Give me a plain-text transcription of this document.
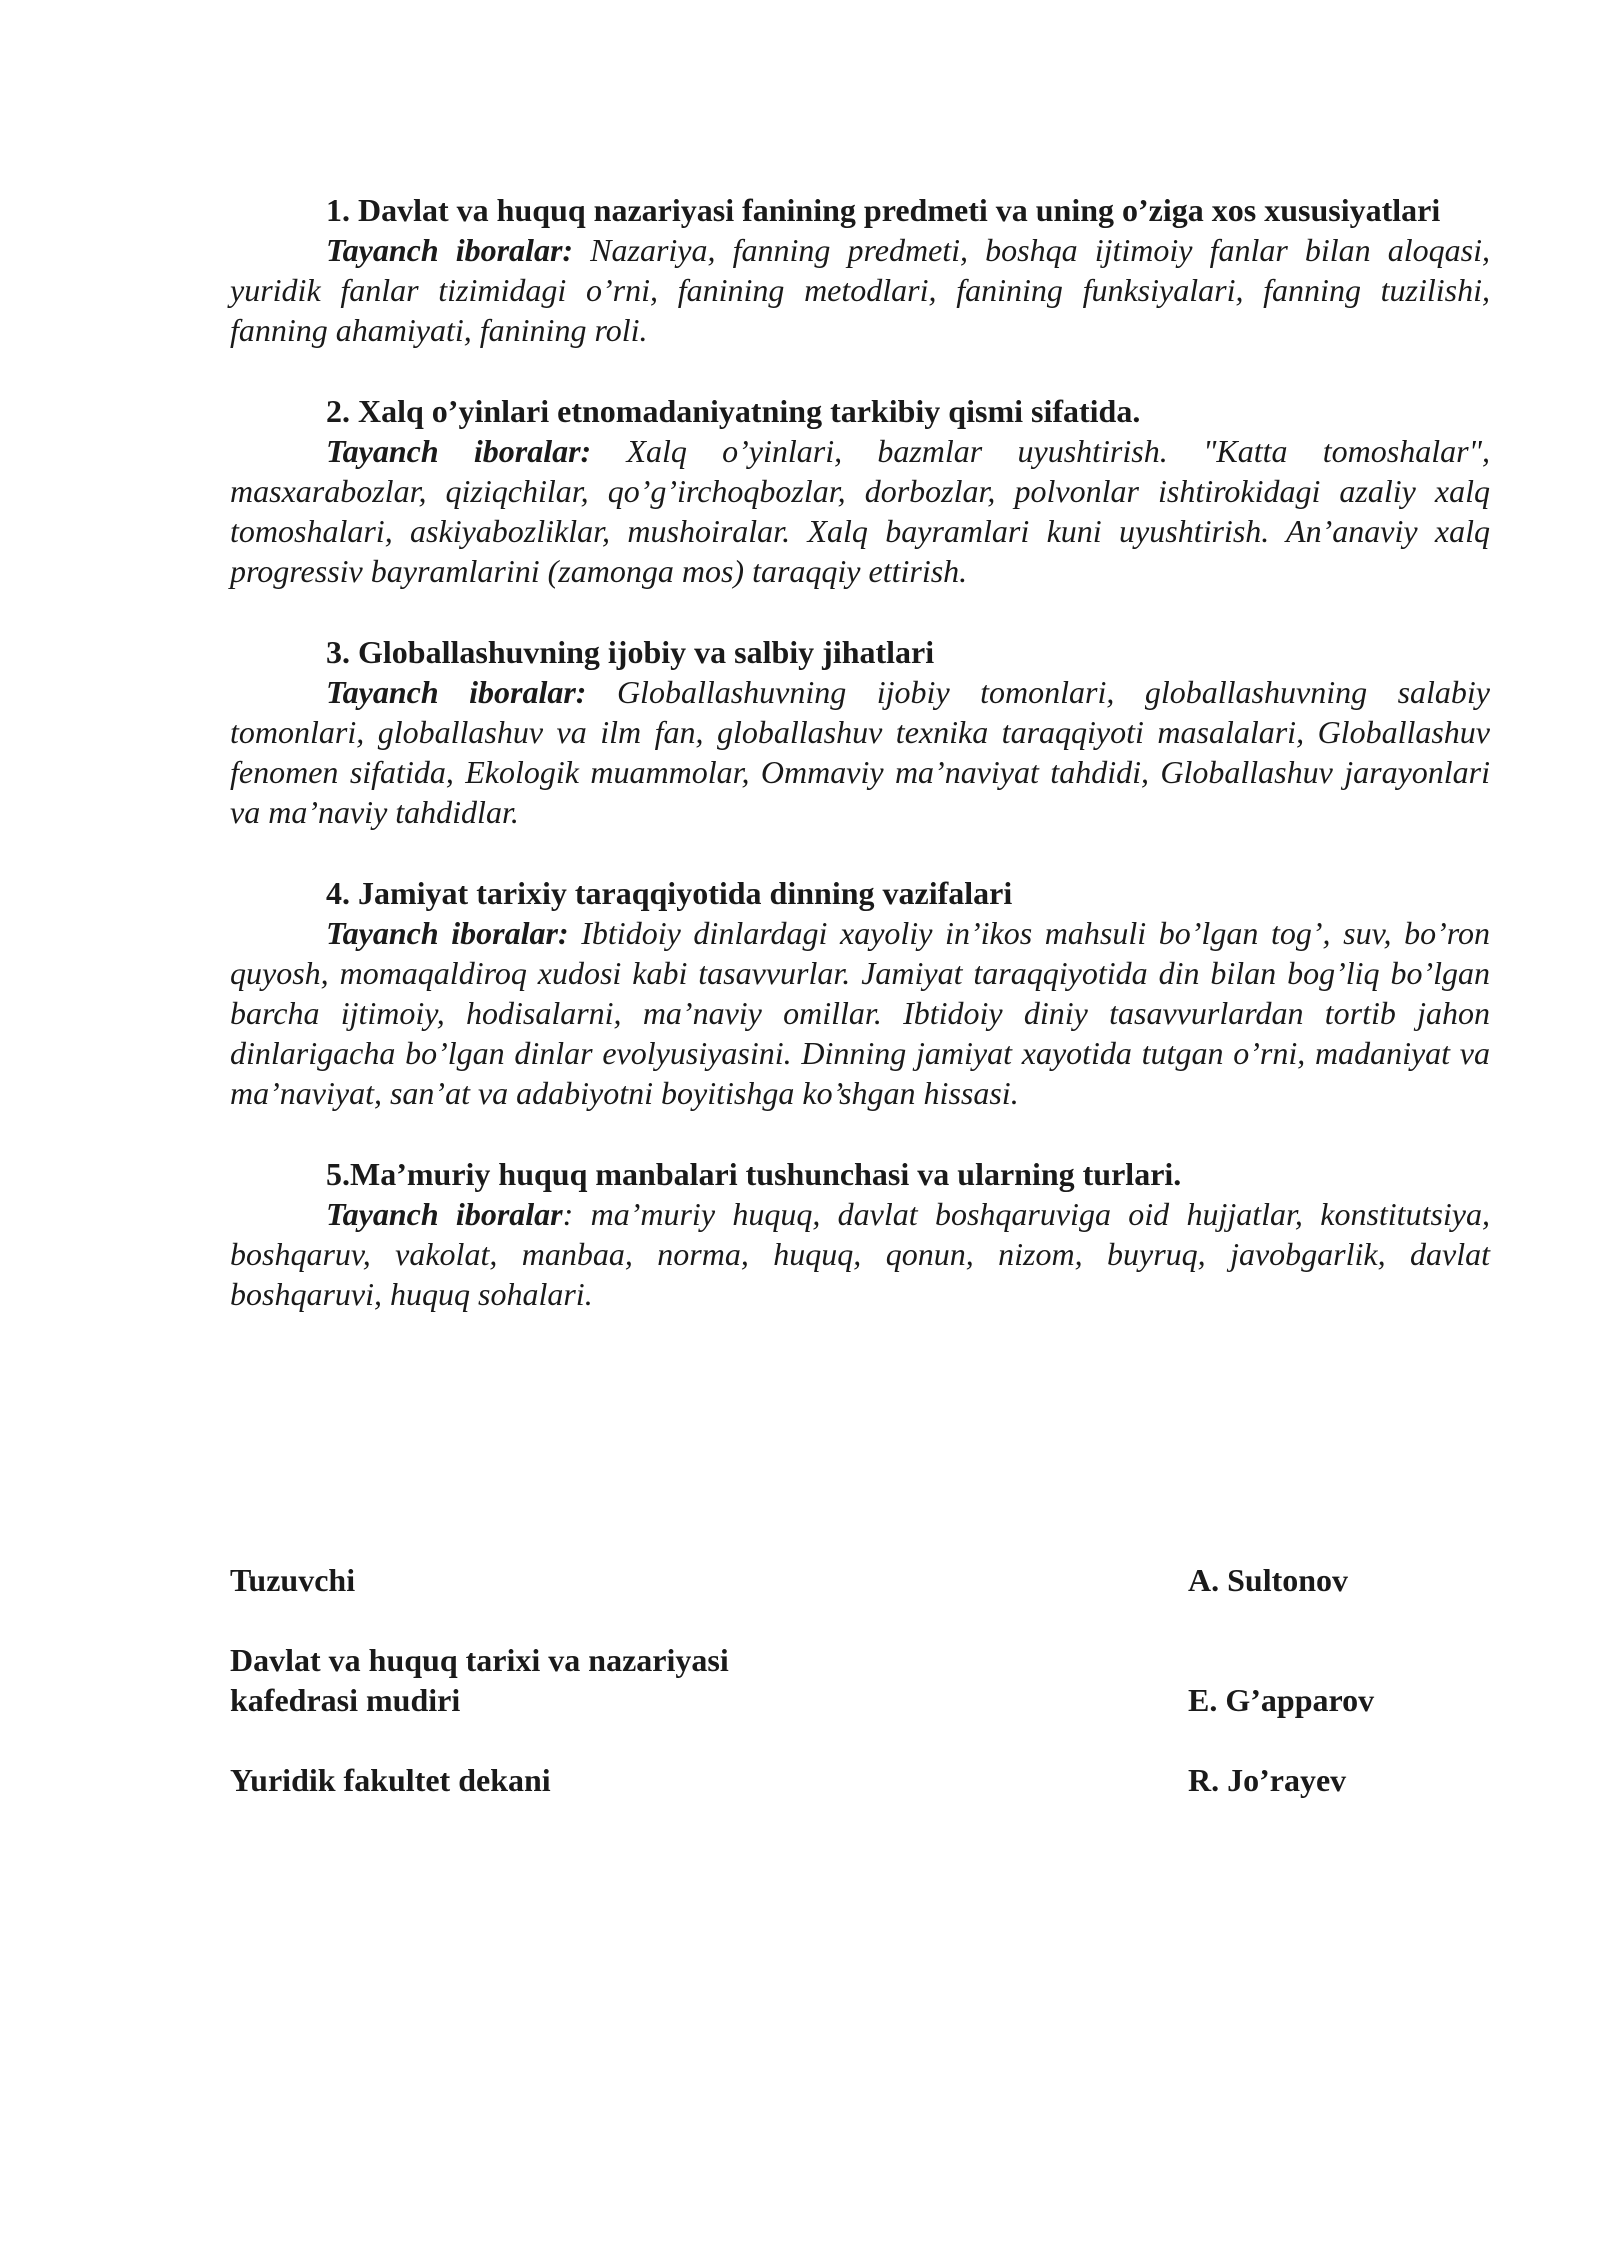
1. Davlat va huquq nazariyasi fanining predmeti va uning o’ziga xos xususiyatlari

Tayanch iboralar: Nazariya, fanning predmeti, boshqa ijtimoiy fanlar bilan aloqasi, yuridik fanlar tizimidagi o’rni, fanining metodlari, fanining funksiyalari, fanning tuzilishi, fanning ahamiyati, fanining roli.

2. Xalq o’yinlari etnomadaniyatning tarkibiy qismi sifatida.

Tayanch iboralar: Xalq o’yinlari, bazmlar uyushtirish. "Katta tomoshalar", masxarabozlar, qiziqchilar, qo’g’irchoqbozlar, dorbozlar, polvonlar ishtirokidagi azaliy xalq tomoshalari, askiyabozliklar, mushoiralar. Xalq bayramlari kuni uyushtirish. An’anaviy xalq progressiv bayramlarini (zamonga mos) taraqqiy ettirish.

3. Globallashuvning ijobiy va salbiy jihatlari

Tayanch iboralar: Globallashuvning ijobiy tomonlari, globallashuvning salabiy tomonlari, globallashuv va ilm fan, globallashuv texnika taraqqiyoti masalalari, Globallashuv fenomen sifatida, Ekologik muammolar, Ommaviy ma’naviyat tahdidi, Globallashuv jarayonlari va ma’naviy tahdidlar.

4. Jamiyat tarixiy taraqqiyotida dinning vazifalari

Tayanch iboralar: Ibtidoiy dinlardagi xayoliy in’ikos mahsuli bo’lgan tog’, suv, bo’ron quyosh, momaqaldiroq xudosi kabi tasavvurlar. Jamiyat taraqqiyotida din bilan bog’liq bo’lgan barcha ijtimoiy, hodisalarni, ma’naviy omillar. Ibtidoiy diniy tasavvurlardan tortib jahon dinlarigacha bo’lgan dinlar evolyusiyasini. Dinning jamiyat xayotida tutgan o’rni, madaniyat va ma’naviyat, san’at va adabiyotni boyitishga ko’shgan hissasi.

5.Ma’muriy huquq manbalari tushunchasi va ularning turlari.

Tayanch iboralar: ma’muriy huquq, davlat boshqaruviga oid hujjatlar, konstitutsiya, boshqaruv, vakolat, manbaa, norma, huquq, qonun, nizom, buyruq, javobgarlik, davlat boshqaruvi, huquq sohalari.

Tuzuvchi	A. Sultonov
Davlat va huquq tarixi va nazariyasi
kafedrasi mudiri	E. G’apparov
Yuridik fakultet dekani	R. Jo’rayev
